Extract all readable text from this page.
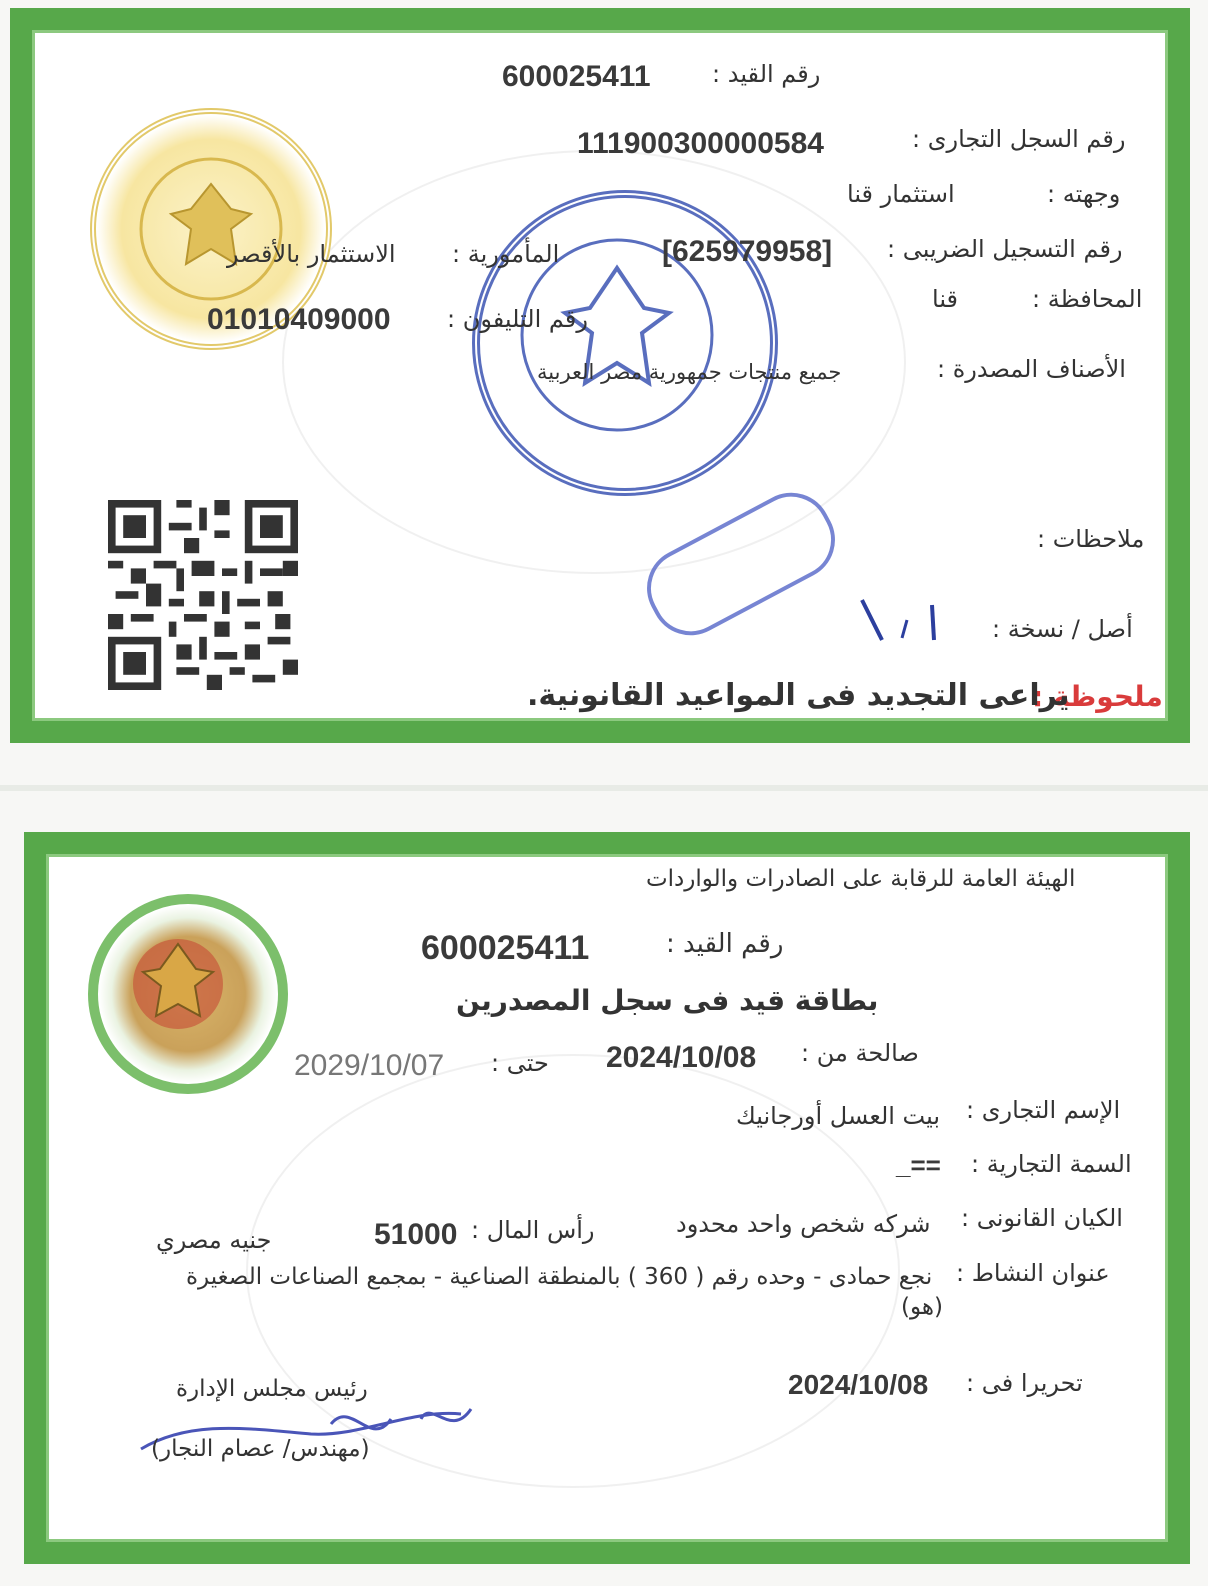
رقم القيد :
600025411
رقم السجل التجارى :
111900300000584
وجهته :
استثمار قنا
رقم التسجيل الضريبى :
[625979958]
المأمورية :
الاستثمار بالأقصر
المحافظة :
قنا
رقم التليفون :
01010409000
الأصناف المصدرة :
جميع منتجات جمهورية مصر العربية
ملاحظات :
أصل / نسخة :
ملحوظة :
يراعى التجديد فى المواعيد القانونية.
الهيئة العامة للرقابة على الصادرات والواردات
رقم القيد :
600025411
بطاقة قيد فى سجل المصدرين
صالحة من :
2024/10/08
حتى :
2029/10/07
الإسم التجارى :
بيت العسل أورجانيك
السمة التجارية :
_==
الكيان القانونى :
شركه شخص واحد محدود
رأس المال :
51000
جنيه مصري
عنوان النشاط :
نجع حمادى - وحده رقم ( 360 ) بالمنطقة الصناعية - بمجمع الصناعات الصغيرة
(هو)
تحريرا فى :
2024/10/08
رئيس مجلس الإدارة
(مهندس/ عصام النجار)
